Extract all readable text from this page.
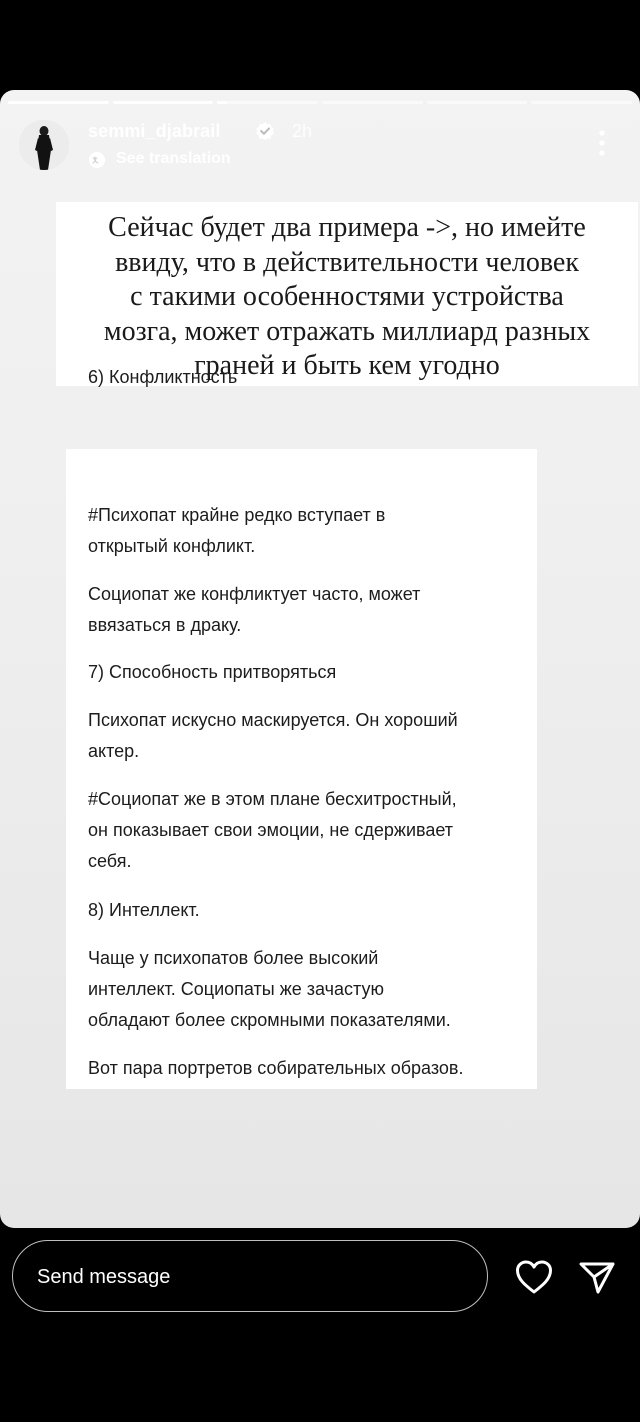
semmi_djabrail	2h
See translation
Сейчас будет два примера ->, но имейте
ввиду, что в действительности человек
с такими особенностями устройства
мозга, может отражать миллиард разных
граней и быть кем угодно
6) Конфликтность
#Психопат крайне редко вступает в
открытый конфликт.
Социопат же конфликтует часто, может
ввязаться в драку.
7) Способность притворяться
Психопат искусно маскируется. Он хороший
актер.
#Социопат же в этом плане бесхитростный,
он показывает свои эмоции, не сдерживает
себя.
8) Интеллект.
Чаще у психопатов более высокий
интеллект. Социопаты же зачастую
обладают более скромными показателями.
Вот пара портретов собирательных образов.
Send message
